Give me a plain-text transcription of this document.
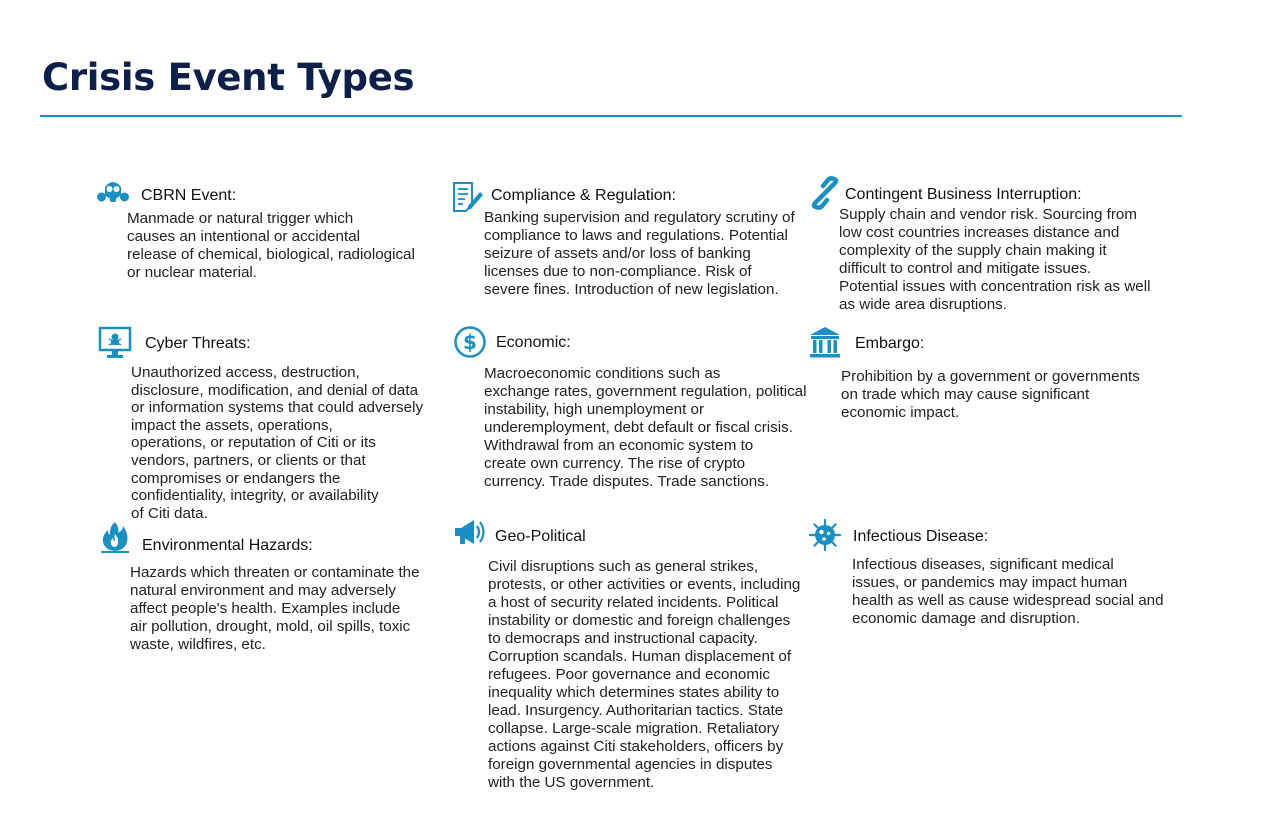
Crisis Event Types
CBRN Event:
Manmade or natural trigger which
causes an intentional or accidental
release of chemical, biological, radiological
or nuclear material.
Compliance & Regulation:
Banking supervision and regulatory scrutiny of
compliance to laws and regulations. Potential
seizure of assets and/or loss of banking
licenses due to non-compliance. Risk of
severe fines. Introduction of new legislation.
Contingent Business Interruption:
Supply chain and vendor risk. Sourcing from
low cost countries increases distance and
complexity of the supply chain making it
difficult to control and mitigate issues.
Potential issues with concentration risk as well
as wide area disruptions.
Cyber Threats:
Unauthorized access, destruction,
disclosure, modification, and denial of data
or information systems that could adversely
impact the assets, operations,
operations, or reputation of Citi or its
vendors, partners, or clients or that
compromises or endangers the
confidentiality, integrity, or availability
of Citi data.
$ Economic:
Macroeconomic conditions such as
exchange rates, government regulation, political
instability, high unemployment or
underemployment, debt default or fiscal crisis.
Withdrawal from an economic system to
create own currency. The rise of crypto
currency. Trade disputes. Trade sanctions.
Embargo:
Prohibition by a government or governments
on trade which may cause significant
economic impact.
Environmental Hazards:
Hazards which threaten or contaminate the
natural environment and may adversely
affect people's health. Examples include
air pollution, drought, mold, oil spills, toxic
waste, wildfires, etc.
Geo-Political
Civil disruptions such as general strikes,
protests, or other activities or events, including
a host of security related incidents. Political
instability or domestic and foreign challenges
to democraps and instructional capacity.
Corruption scandals. Human displacement of
refugees. Poor governance and economic
inequality which determines states ability to
lead. Insurgency. Authoritarian tactics. State
collapse. Large-scale migration. Retaliatory
actions against Citi stakeholders, officers by
foreign governmental agencies in disputes
with the US government.
Infectious Disease:
Infectious diseases, significant medical
issues, or pandemics may impact human
health as well as cause widespread social and
economic damage and disruption.
